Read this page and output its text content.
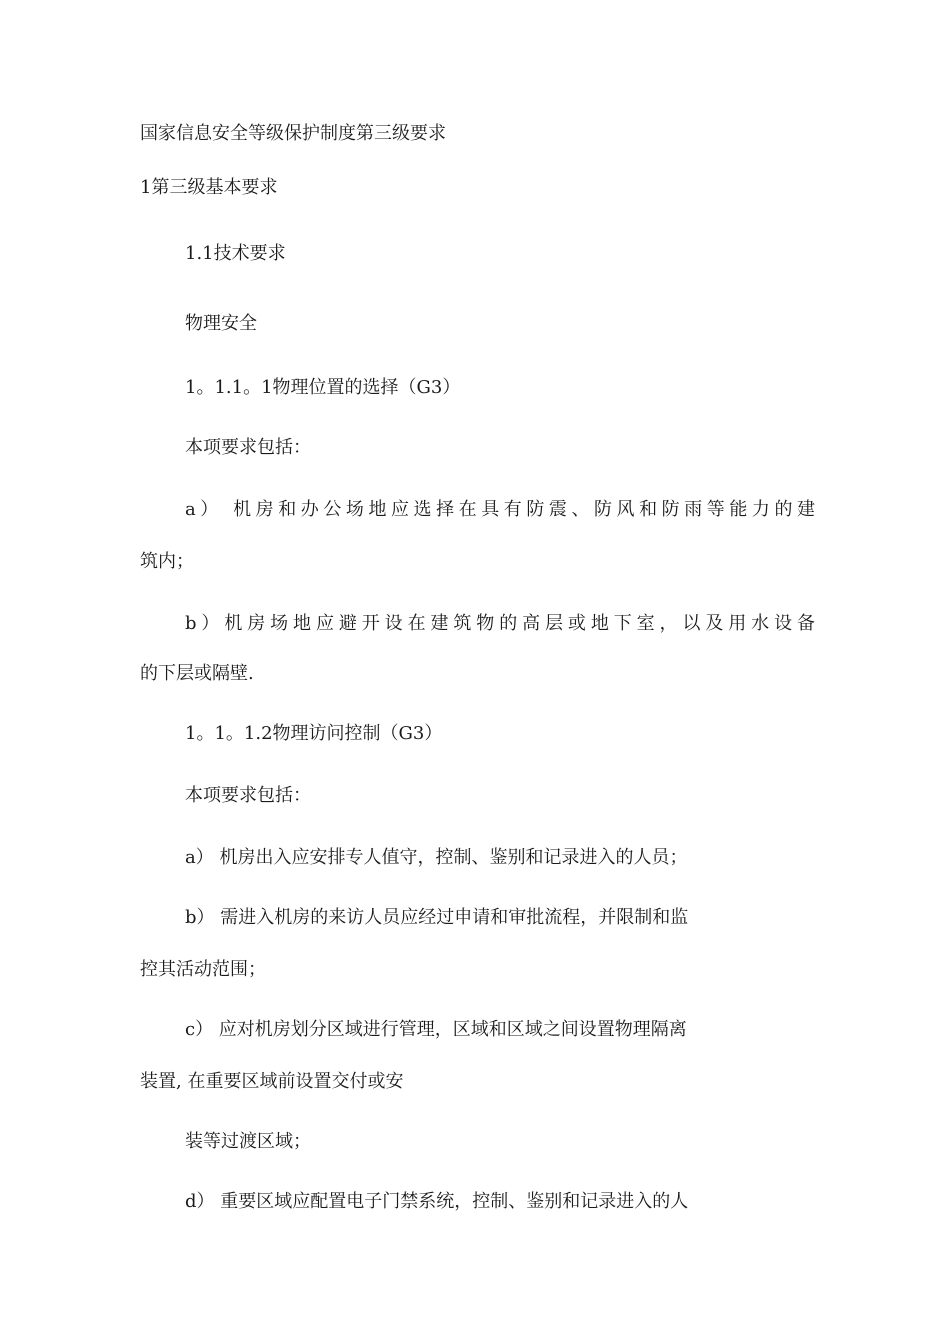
国家信息安全等级保护制度第三级要求
1第三级基本要求
1.1技术要求
物理安全
1。1.1。1物理位置的选择（G3）
本项要求包括：
a） 机房和办公场地应选择在具有防震、防风和防雨等能力的建
筑内；
b）机房场地应避开设在建筑物的高层或地下室，以及用水设备
的下层或隔壁.
1。1。1.2物理访问控制（G3）
本项要求包括：
a） 机房出入应安排专人值守，控制、鉴别和记录进入的人员；
b） 需进入机房的来访人员应经过申请和审批流程，并限制和监
控其活动范围；
c） 应对机房划分区域进行管理，区域和区域之间设置物理隔离
装置, 在重要区域前设置交付或安
装等过渡区域；
d） 重要区域应配置电子门禁系统，控制、鉴别和记录进入的人
